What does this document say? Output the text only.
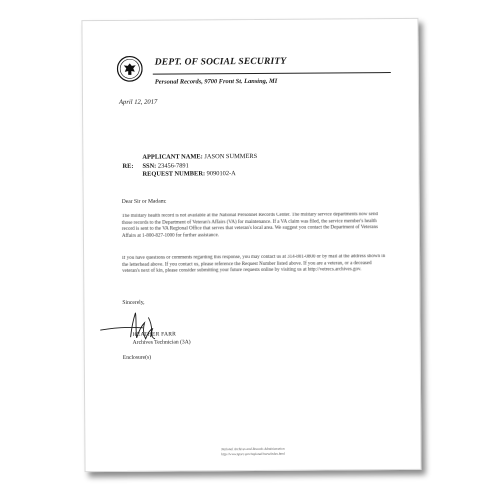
DEPT. OF SOCIAL SECURITY
Personal Records, 9700 Front St. Lansing, MI
April 12, 2017
RE:
APPLICANT NAME: JASON SUMMERS
SSN: 23456-7891
REQUEST NUMBER: 9090102-A
Dear Sir or Madam:
The military health record is not available at the National Personnel Records Center. The military service departments now send those records to the Department of Veteran's Affairs (VA) for maintenance. If a VA claim was filed, the service member's health record is sent to the VA Regional Office that serves that veteran's local area. We suggest you contact the Department of Veterans Affairs at 1-800-827-1000 for further assistance.
If you have questions or comments regarding this response, you may contact us at 314-801-0800 or by mail at the address shown in the letterhead above. If you contact us, please reference the Request Number listed above. If you are a veteran, or a deceased veteran's next of kin, please consider submitting your future requests online by visiting us at http://vetrecs.archives.gov.
Sincerely,
HEATHER FARR
Archives Technician (3A)
Enclosure(s)
National Archives and Records Administration
http://www.npsrc.gov/regional/nara/index.html
